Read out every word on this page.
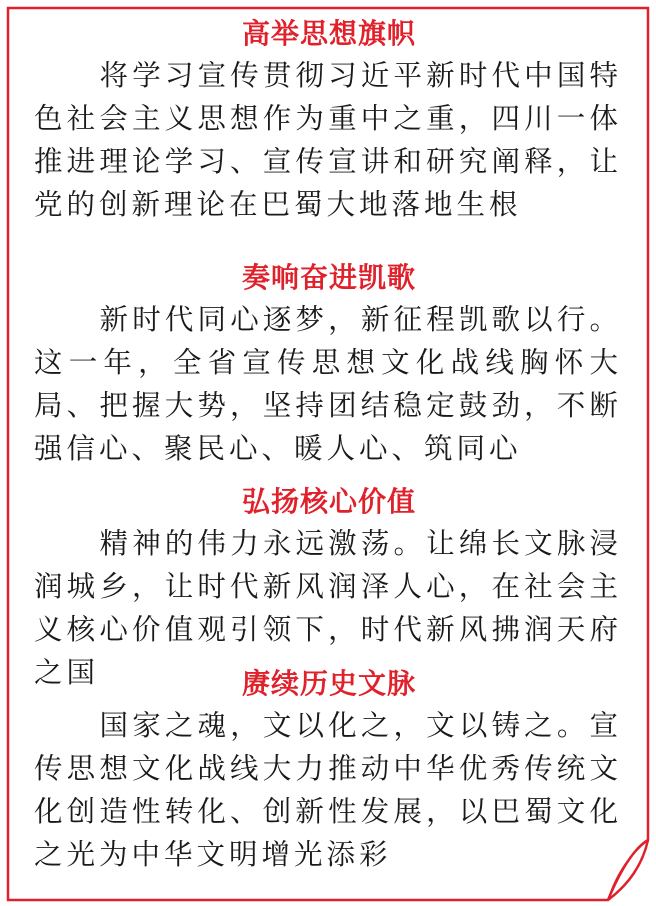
高举思想旗帜

将学习宣传贯彻习近平新时代中国特色社会主义思想作为重中之重，四川一体推进理论学习、宣传宣讲和研究阐释，让党的创新理论在巴蜀大地落地生根

奏响奋进凯歌

新时代同心逐梦，新征程凯歌以行。这一年，全省宣传思想文化战线胸怀大局、把握大势，坚持团结稳定鼓劲，不断强信心、聚民心、暖人心、筑同心

弘扬核心价值

精神的伟力永远激荡。让绵长文脉浸润城乡，让时代新风润泽人心，在社会主义核心价值观引领下，时代新风拂润天府之国	赓续历史文脉

国家之魂，文以化之，文以铸之。宣传思想文化战线大力推动中华优秀传统文化创造性转化、创新性发展，以巴蜀文化之光为中华文明增光添彩
